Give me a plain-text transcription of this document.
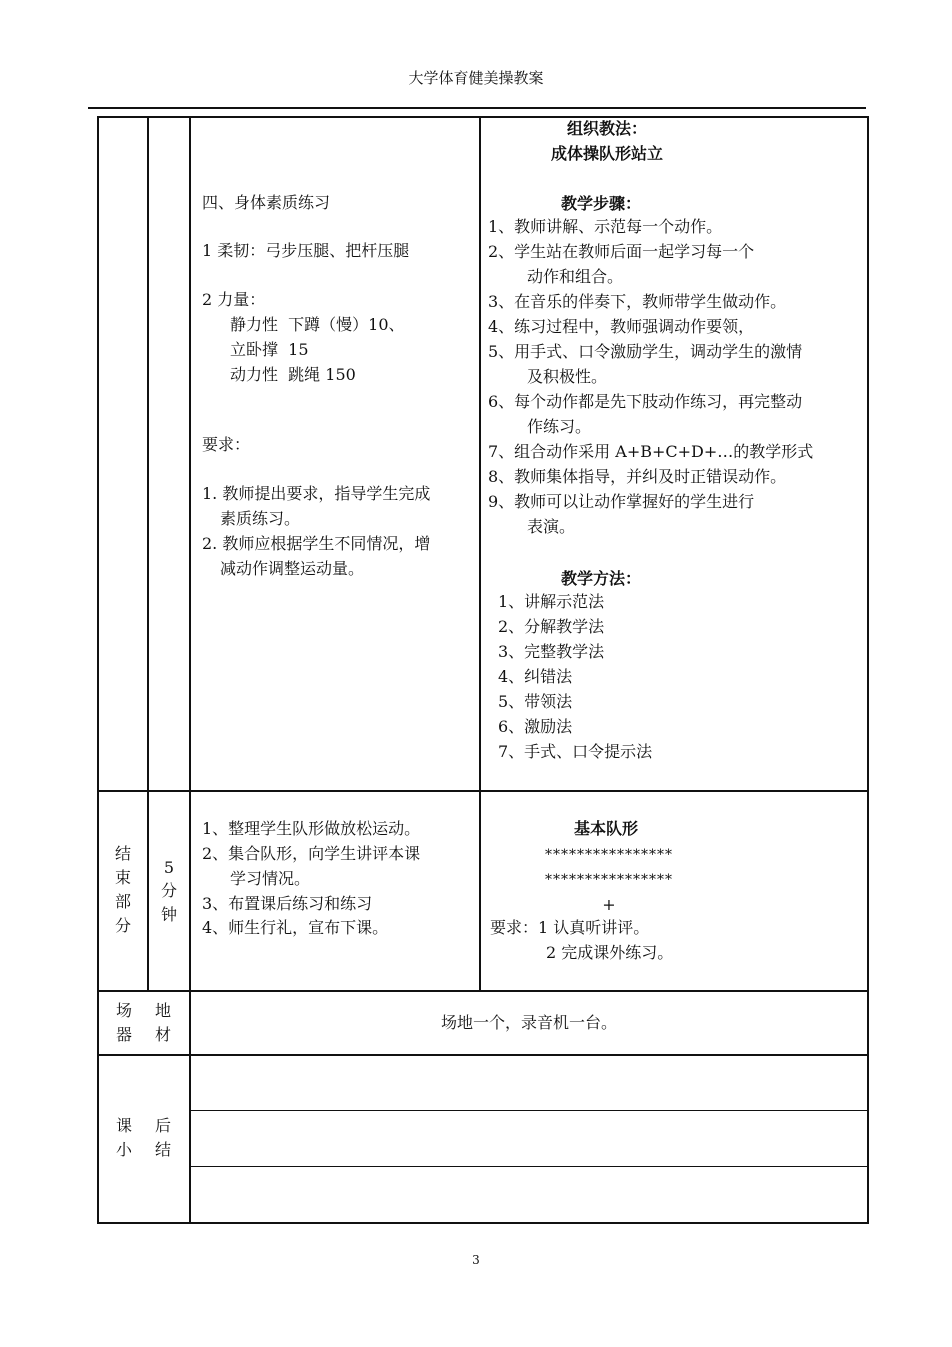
大学体育健美操教案
四、身体素质练习
1 柔韧：弓步压腿、把杆压腿
2 力量：
静力性  下蹲（慢）10、
立卧撑  15
动力性  跳绳 150
要求：
1. 教师提出要求，指导学生完成
素质练习。
2. 教师应根据学生不同情况，增
减动作调整运动量。
组织教法：
成体操队形站立
教学步骤：
1、教师讲解、示范每一个动作。
2、学生站在教师后面一起学习每一个
动作和组合。
3、在音乐的伴奏下，教师带学生做动作。
4、练习过程中，教师强调动作要领，
5、用手式、口令激励学生，调动学生的激情
及积极性。
6、每个动作都是先下肢动作练习，再完整动
作练习。
7、组合动作采用 A+B+C+D+…的教学形式
8、教师集体指导，并纠及时正错误动作。
9、教师可以让动作掌握好的学生进行
表演。
教学方法：
1、讲解示范法
2、分解教学法
3、完整教学法
4、纠错法
5、带领法
6、激励法
7、手式、口令提示法
结
束
部
分
5
分
钟
1、整理学生队形做放松运动。
2、集合队形，向学生讲评本课
学习情况。
3、布置课后练习和练习
4、师生行礼，宣布下课。
基本队形
****************
****************
+
要求：1 认真听讲评。
2 完成课外练习。
场
器
地
材
场地一个，录音机一台。
课
小
后
结
3
